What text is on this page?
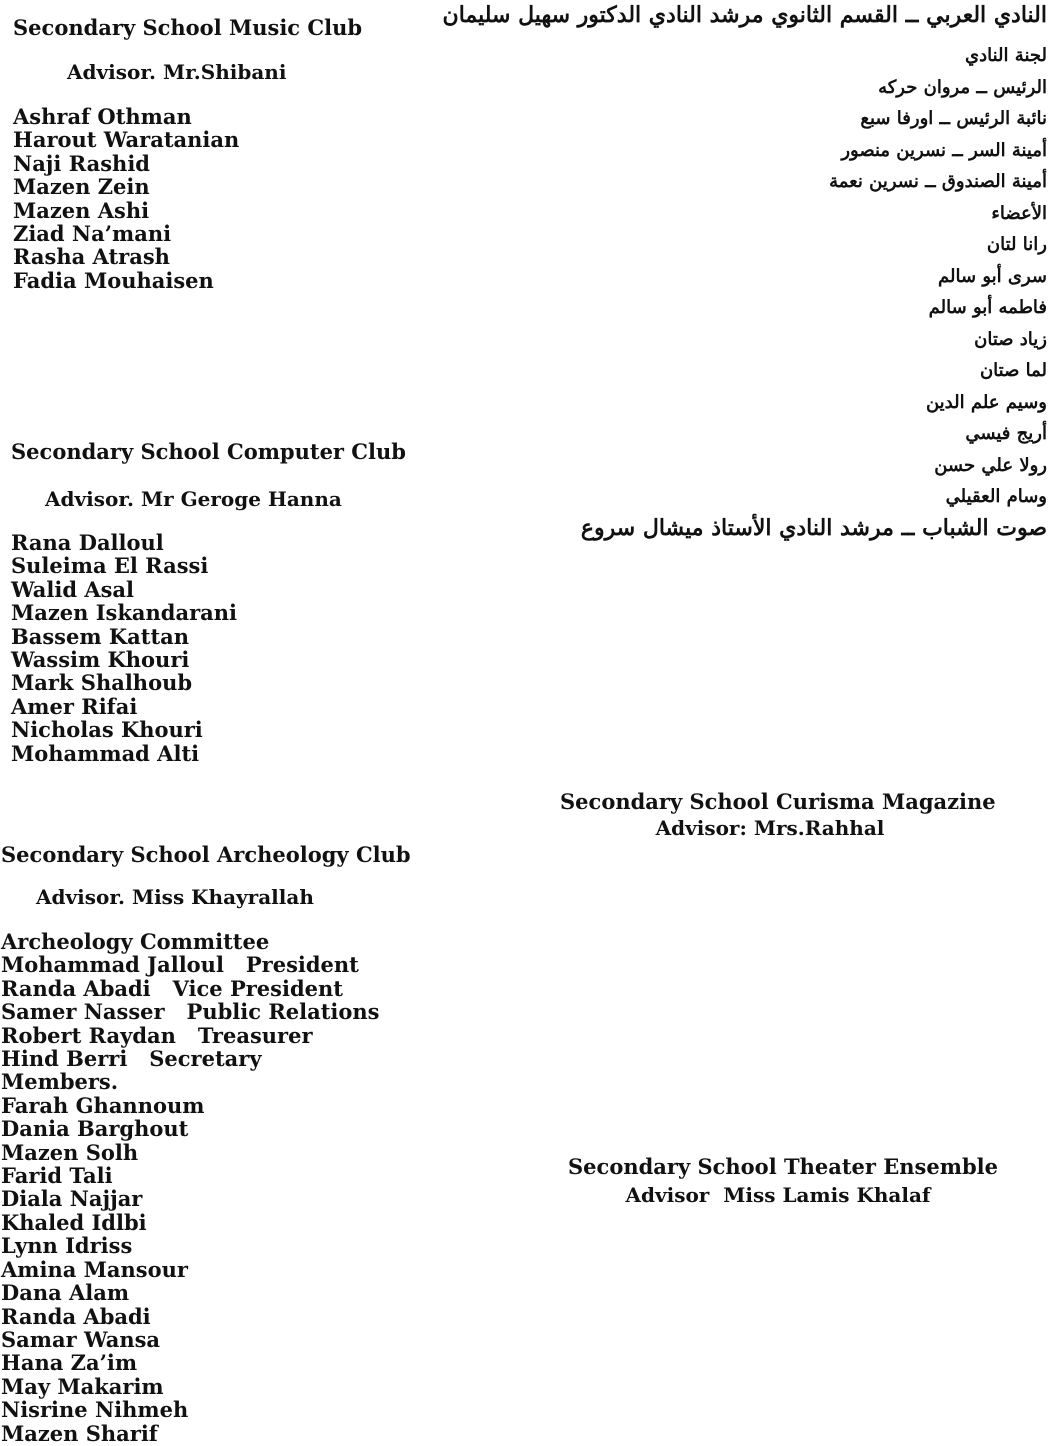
Secondary School Music Club
Advisor. Mr.Shibani
Ashraf Othman
Harout Waratanian
Naji Rashid
Mazen Zein
Mazen Ashi
Ziad Na’mani
Rasha Atrash
Fadia Mouhaisen
Secondary School Computer Club
Advisor. Mr Geroge Hanna
Rana Dalloul
Suleima El Rassi
Walid Asal
Mazen Iskandarani
Bassem Kattan
Wassim Khouri
Mark Shalhoub
Amer Rifai
Nicholas Khouri
Mohammad Alti
Secondary School Archeology Club
Advisor. Miss Khayrallah
Archeology Committee
Mohammad Jalloul   President
Randa Abadi   Vice President
Samer Nasser   Public Relations
Robert Raydan   Treasurer
Hind Berri   Secretary
Members.
Farah Ghannoum
Dania Barghout
Mazen Solh
Farid Tali
Diala Najjar
Khaled Idlbi
Lynn Idriss
Amina Mansour
Dana Alam
Randa Abadi
Samar Wansa
Hana Za’im
May Makarim
Nisrine Nihmeh
Mazen Sharif
النادي العربي ــ القسم الثانوي مرشد النادي الدكتور سهيل سليمان
لجنة النادي
الرئيس ــ مروان حركه
نائبة الرئيس ــ اورفا سبع
أمينة السر ــ نسرين منصور
أمينة الصندوق ــ نسرين نعمة
الأعضاء
رانا لتان
سرى أبو سالم
فاطمه أبو سالم
زياد صتان
لما صتان
وسيم علم الدين
أريج فيسي
رولا علي حسن
وسام العقيلي
صوت الشباب ــ مرشد النادي الأستاذ ميشال سروع
Secondary School Curisma Magazine
Advisor: Mrs.Rahhal
Secondary School Theater Ensemble
Advisor  Miss Lamis Khalaf
